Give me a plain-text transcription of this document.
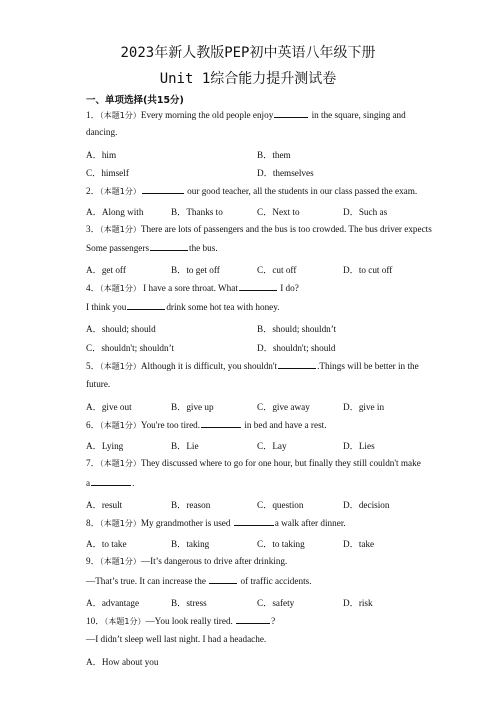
2023年新人教版PEP初中英语八年级下册
Unit 1综合能力提升测试卷
一、单项选择(共15分)
1．（本题1分）Every morning the old people enjoy	in the square, singing and
dancing.
A．him	B．them
C．himself	D．themselves
2．（本题1分）	our good teacher, all the students in our class passed the exam.
A．Along with	B．Thanks to	C．Next to	D．Such as
3．（本题1分）There are lots of passengers and the bus is too crowded. The bus driver expects
Some passengers	the bus.
A．get off	B．to get off	C．cut off	D．to cut off
4．（本题1分） I have a sore throat. What	I do?
I think you	drink some hot tea with honey.
A．should; should	B．should; shouldn’t
C．shouldn't; shouldn’t	D．shouldn't; should
5．（本题1分）Although it is difficult, you shouldn't	.Things will be better in the
future.
A．give out	B．give up	C．give away	D．give in
6．（本题1分）You're too tired.	in bed and have a rest.
A．Lying	B．Lie	C．Lay	D．Lies
7．（本题1分）They discussed where to go for one hour, but finally they still couldn't make
a	.
A．result	B．reason	C．question	D．decision
8．（本题1分）My grandmother is used	a walk after dinner.
A．to take	B．taking	C．to taking	D．take
9．（本题1分）—It’s dangerous to drive after drinking.
—That’s true. It can increase the	of traffic accidents.
A．advantage	B．stress	C．safety	D．risk
10．（本题1分）—You look really tired.	?
—I didn’t sleep well last night. I had a headache.
A．How about you
